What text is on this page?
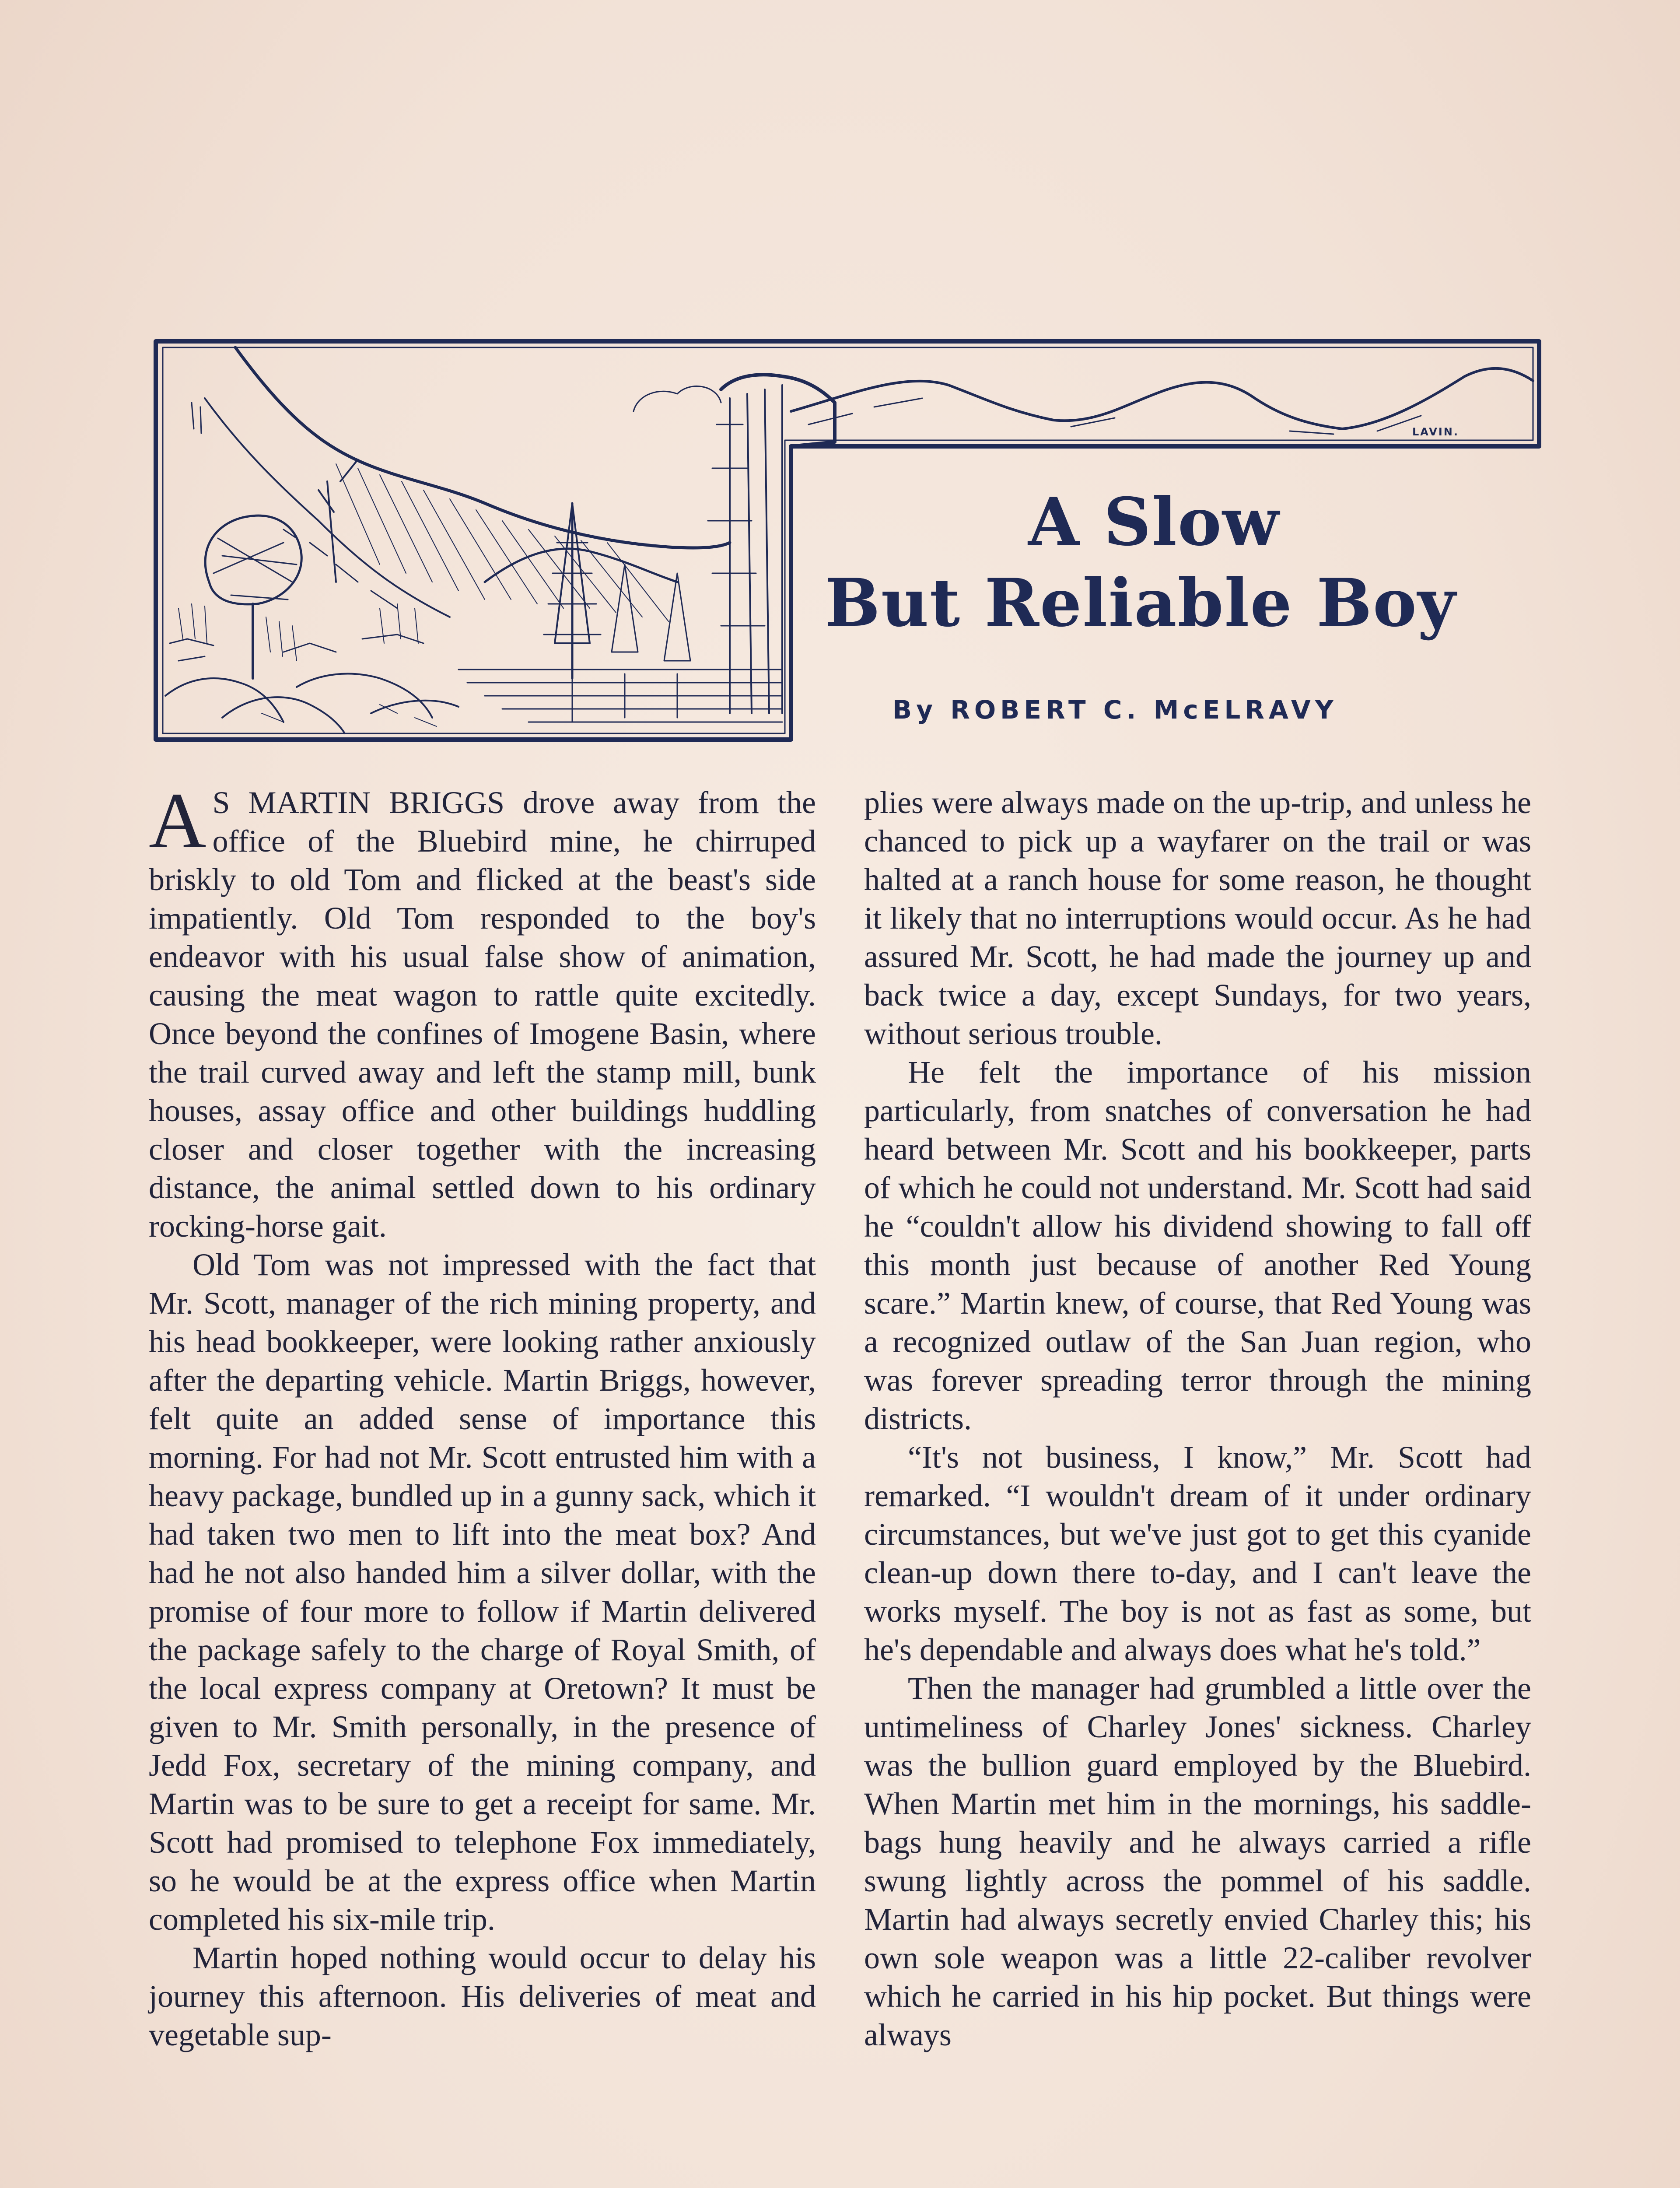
LAVIN.
A Slow
But Reliable Boy
By ROBERT C. McELRAVY

A S MARTIN BRIGGS drove away from the office of the Bluebird mine, he chirruped briskly to old Tom and flicked at the beast's side impatiently. Old Tom responded to the boy's endeavor with his usual false show of animation, causing the meat wagon to rattle quite excitedly. Once beyond the confines of Imogene Basin, where the trail curved away and left the stamp mill, bunk houses, assay office and other buildings huddling closer and closer together with the increasing distance, the animal settled down to his ordinary rocking-horse gait.

Old Tom was not impressed with the fact that Mr. Scott, manager of the rich mining property, and his head bookkeeper, were looking rather anxiously after the departing vehicle. Martin Briggs, however, felt quite an added sense of importance this morning. For had not Mr. Scott entrusted him with a heavy package, bundled up in a gunny sack, which it had taken two men to lift into the meat box? And had he not also handed him a silver dollar, with the promise of four more to follow if Martin delivered the package safely to the charge of Royal Smith, of the local express company at Oretown? It must be given to Mr. Smith personally, in the presence of Jedd Fox, secretary of the mining company, and Martin was to be sure to get a receipt for same. Mr. Scott had promised to telephone Fox immediately, so he would be at the express office when Martin completed his six-mile trip.

Martin hoped nothing would occur to delay his journey this afternoon. His deliveries of meat and vegetable sup-

plies were always made on the up-trip, and unless he chanced to pick up a wayfarer on the trail or was halted at a ranch house for some reason, he thought it likely that no interruptions would occur. As he had assured Mr. Scott, he had made the journey up and back twice a day, except Sundays, for two years, without serious trouble.

He felt the importance of his mission particularly, from snatches of conversation he had heard between Mr. Scott and his bookkeeper, parts of which he could not understand. Mr. Scott had said he “couldn't allow his dividend showing to fall off this month just because of another Red Young scare.” Martin knew, of course, that Red Young was a recognized outlaw of the San Juan region, who was forever spreading terror through the mining districts.

“It's not business, I know,” Mr. Scott had remarked. “I wouldn't dream of it under ordinary circumstances, but we've just got to get this cyanide clean-up down there to-day, and I can't leave the works myself. The boy is not as fast as some, but he's dependable and always does what he's told.”

Then the manager had grumbled a little over the untimeliness of Charley Jones' sickness. Charley was the bullion guard employed by the Bluebird. When Martin met him in the mornings, his saddle-bags hung heavily and he always carried a rifle swung lightly across the pommel of his saddle. Martin had always secretly envied Charley this; his own sole weapon was a little 22-caliber revolver which he carried in his hip pocket. But things were always
